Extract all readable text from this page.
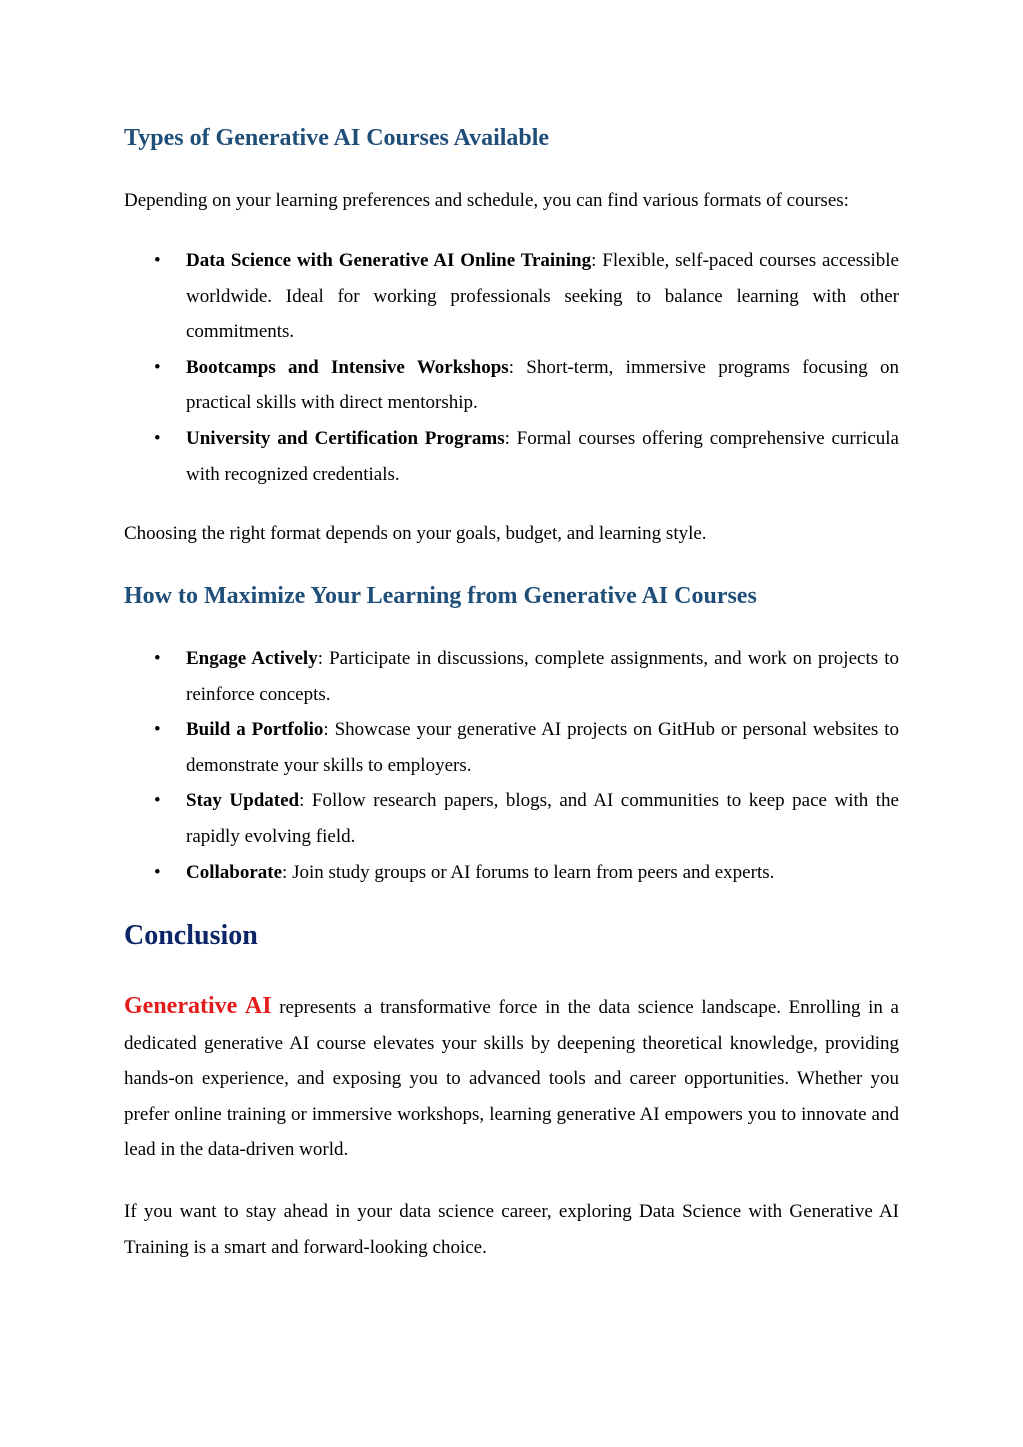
Types of Generative AI Courses Available
Depending on your learning preferences and schedule, you can find various formats of courses:
• Data Science with Generative AI Online Training: Flexible, self-paced courses accessible worldwide. Ideal for working professionals seeking to balance learning with other commitments.
• Bootcamps and Intensive Workshops: Short-term, immersive programs focusing on practical skills with direct mentorship.
• University and Certification Programs: Formal courses offering comprehensive curricula with recognized credentials.
Choosing the right format depends on your goals, budget, and learning style.
How to Maximize Your Learning from Generative AI Courses
• Engage Actively: Participate in discussions, complete assignments, and work on projects to reinforce concepts.
• Build a Portfolio: Showcase your generative AI projects on GitHub or personal websites to demonstrate your skills to employers.
• Stay Updated: Follow research papers, blogs, and AI communities to keep pace with the rapidly evolving field.
• Collaborate: Join study groups or AI forums to learn from peers and experts.
Conclusion
Generative AI represents a transformative force in the data science landscape. Enrolling in a dedicated generative AI course elevates your skills by deepening theoretical knowledge, providing hands-on experience, and exposing you to advanced tools and career opportunities. Whether you prefer online training or immersive workshops, learning generative AI empowers you to innovate and lead in the data-driven world.
If you want to stay ahead in your data science career, exploring Data Science with Generative AI Training is a smart and forward-looking choice.
